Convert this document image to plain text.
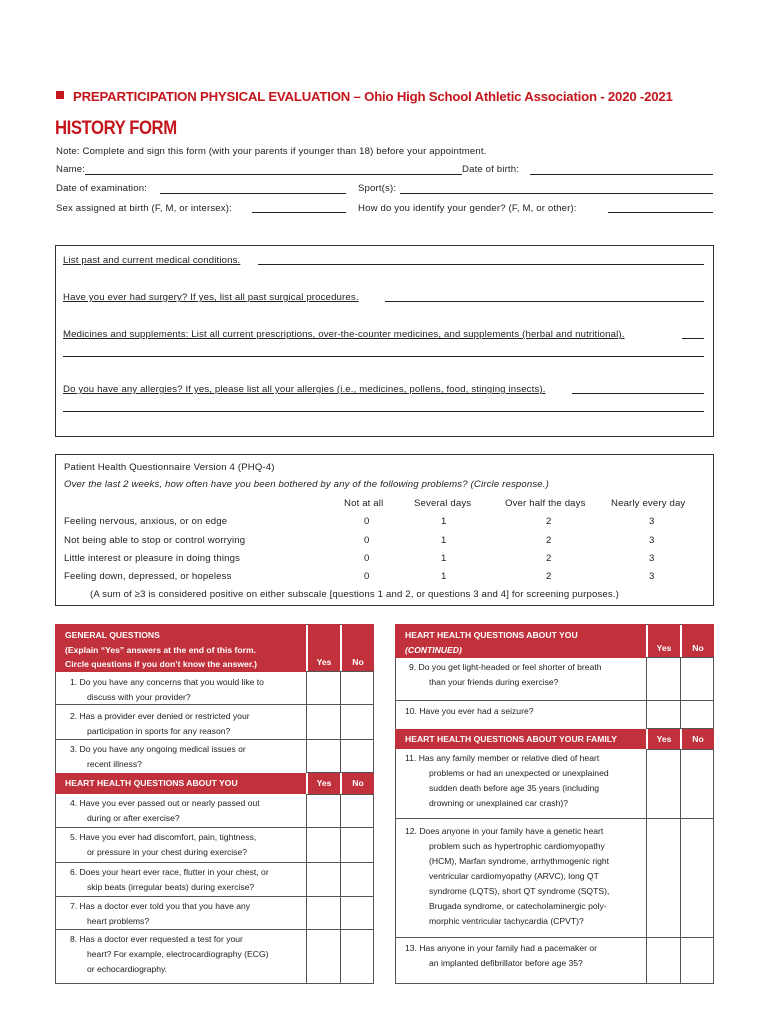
PREPARTICIPATION PHYSICAL EVALUATION – Ohio High School Athletic Association - 2020 -2021
HISTORY FORM
Note: Complete and sign this form (with your parents if younger than 18) before your appointment.
Name:	Date of birth:
Date of examination:	Sport(s):
Sex assigned at birth (F, M, or intersex):	How do you identify your gender? (F, M, or other):
List past and current medical conditions.
Have you ever had surgery? If yes, list all past surgical procedures.
Medicines and supplements: List all current prescriptions, over-the-counter medicines, and supplements (herbal and nutritional).
Do you have any allergies? If yes, please list all your allergies (i.e., medicines, pollens, food, stinging insects).
Patient Health Questionnaire Version 4 (PHQ-4)
Over the last 2 weeks, how often have you been bothered by any of the following problems? (Circle response.)
Not at all	Several days	Over half the days	Nearly every day
Feeling nervous, anxious, or on edge	0	1	2	3
Not being able to stop or control worrying	0	1	2	3
Little interest or pleasure in doing things	0	1	2	3
Feeling down, depressed, or hopeless	0	1	2	3
(A sum of ≥3 is considered positive on either subscale [questions 1 and 2, or questions 3 and 4] for screening purposes.)
GENERAL QUESTIONS
(Explain “Yes” answers at the end of this form.
Circle questions if you don’t know the answer.)	Yes	No
1. Do you have any concerns that you would like to
discuss with your provider?
2. Has a provider ever denied or restricted your
participation in sports for any reason?
3. Do you have any ongoing medical issues or
recent illness?
HEART HEALTH QUESTIONS ABOUT YOU	Yes	No
4. Have you ever passed out or nearly passed out
during or after exercise?
5. Have you ever had discomfort, pain, tightness,
or pressure in your chest during exercise?
6. Does your heart ever race, flutter in your chest, or
skip beats (irregular beats) during exercise?
7. Has a doctor ever told you that you have any
heart problems?
8. Has a doctor ever requested a test for your
heart? For example, electrocardiography (ECG)
or echocardiography.
HEART HEALTH QUESTIONS ABOUT YOU
(CONTINUED)	Yes	No
9. Do you get light-headed or feel shorter of breath
than your friends during exercise?
10. Have you ever had a seizure?
HEART HEALTH QUESTIONS ABOUT YOUR FAMILY	Yes	No
11. Has any family member or relative died of heart
problems or had an unexpected or unexplained
sudden death before age 35 years (including
drowning or unexplained car crash)?
12. Does anyone in your family have a genetic heart
problem such as hypertrophic cardiomyopathy
(HCM), Marfan syndrome, arrhythmogenic right
ventricular cardiomyopathy (ARVC), long QT
syndrome (LQTS), short QT syndrome (SQTS),
Brugada syndrome, or catecholaminergic poly-
morphic ventricular tachycardia (CPVT)?
13. Has anyone in your family had a pacemaker or
an implanted defibrillator before age 35?
